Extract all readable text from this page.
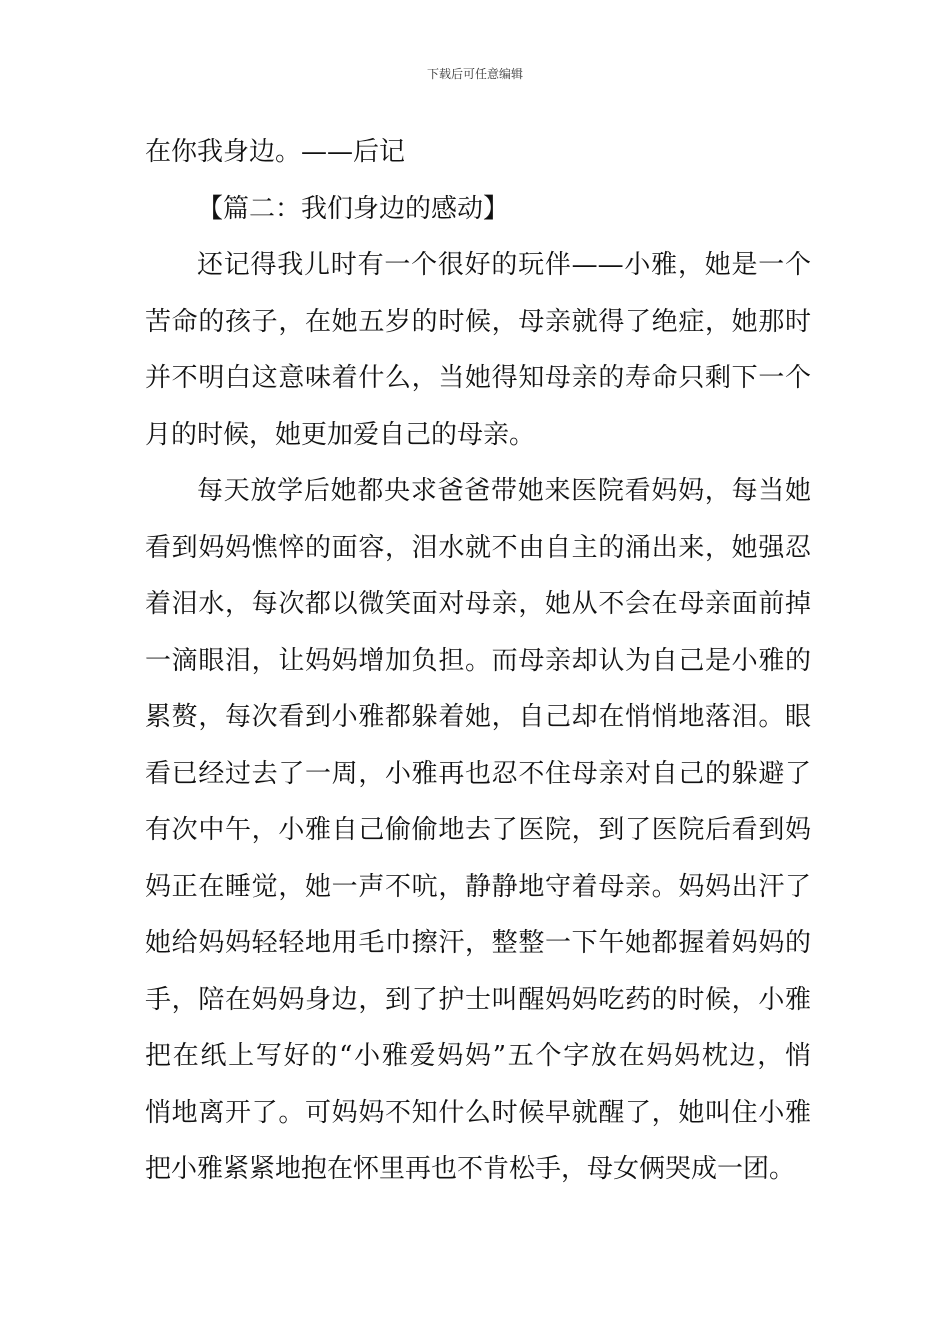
下载后可任意编辑
在你我身边。——后记
【篇二：我们身边的感动】
还记得我儿时有一个很好的玩伴——小雅，她是一个
苦命的孩子，在她五岁的时候，母亲就得了绝症，她那时
并不明白这意味着什么，当她得知母亲的寿命只剩下一个
月的时候，她更加爱自己的母亲。
每天放学后她都央求爸爸带她来医院看妈妈，每当她
看到妈妈憔悴的面容，泪水就不由自主的涌出来，她强忍
着泪水，每次都以微笑面对母亲，她从不会在母亲面前掉
一滴眼泪，让妈妈增加负担。而母亲却认为自己是小雅的
累赘，每次看到小雅都躲着她，自己却在悄悄地落泪。眼
看已经过去了一周，小雅再也忍不住母亲对自己的躲避了
有次中午，小雅自己偷偷地去了医院，到了医院后看到妈
妈正在睡觉，她一声不吭，静静地守着母亲。妈妈出汗了
她给妈妈轻轻地用毛巾擦汗，整整一下午她都握着妈妈的
手，陪在妈妈身边，到了护士叫醒妈妈吃药的时候，小雅
把在纸上写好的“小雅爱妈妈”五个字放在妈妈枕边，悄
悄地离开了。可妈妈不知什么时候早就醒了，她叫住小雅
把小雅紧紧地抱在怀里再也不肯松手，母女俩哭成一团。
